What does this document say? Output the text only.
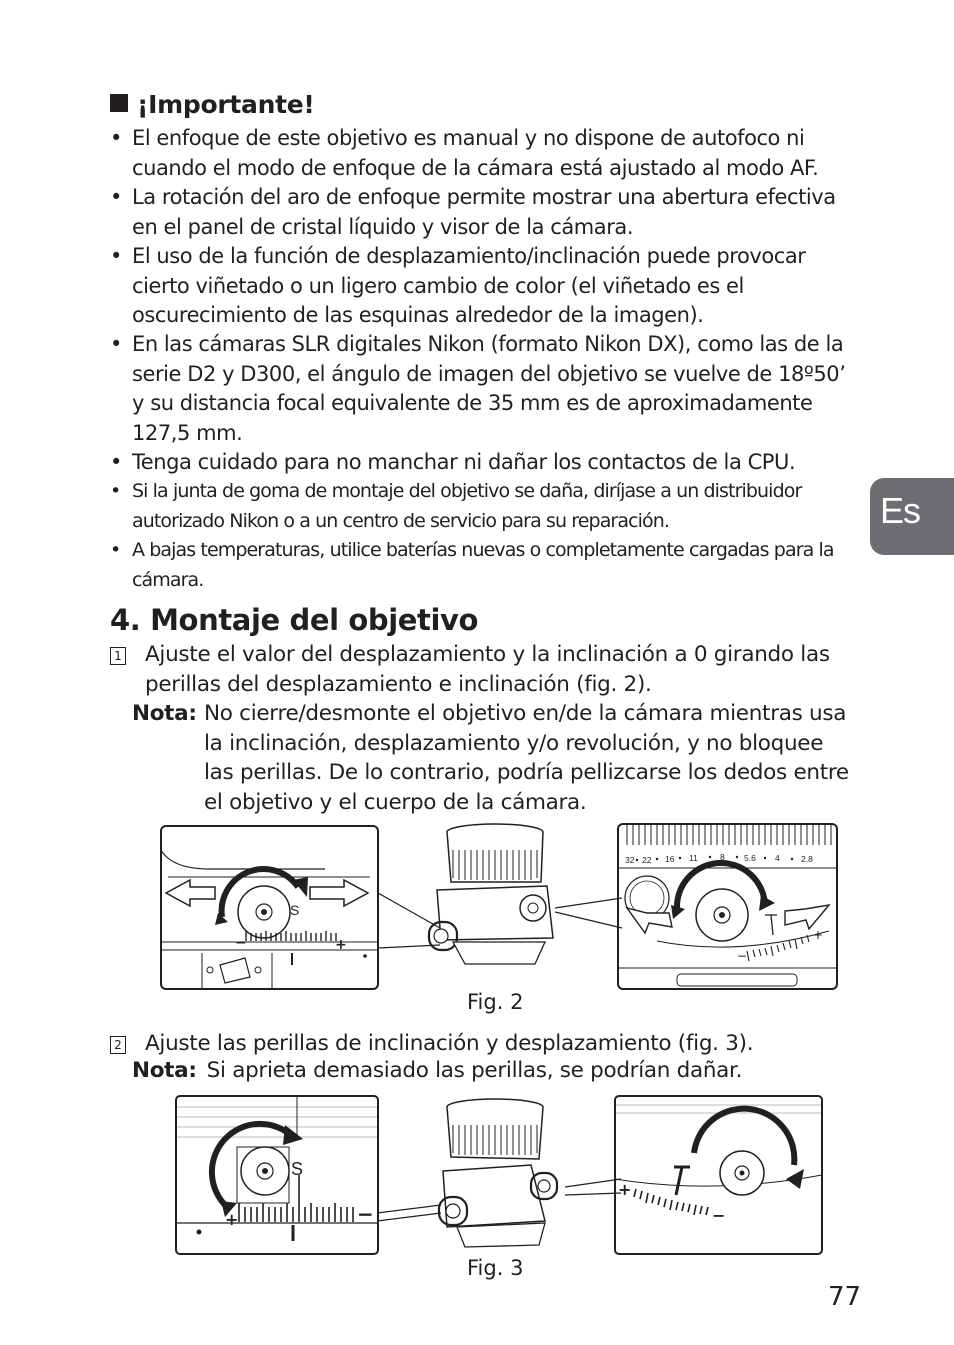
¡Importante!
• El enfoque de este objetivo es manual y no dispone de autofoco ni cuando el modo de enfoque de la cámara está ajustado al modo AF.
• La rotación del aro de enfoque permite mostrar una abertura efectiva en el panel de cristal líquido y visor de la cámara.
• El uso de la función de desplazamiento/inclinación puede provocar cierto viñetado o un ligero cambio de color (el viñetado es el oscurecimiento de las esquinas alrededor de la imagen).
• En las cámaras SLR digitales Nikon (formato Nikon DX), como las de la serie D2 y D300, el ángulo de imagen del objetivo se vuelve de 18º50’ y su distancia focal equivalente de 35 mm es de aproximadamente 127,5 mm.
• Tenga cuidado para no manchar ni dañar los contactos de la CPU.
• Si la junta de goma de montaje del objetivo se daña, diríjase a un distribuidor autorizado Nikon o a un centro de servicio para su reparación.
• A bajas temperaturas, utilice baterías nuevas o completamente cargadas para la cámara.
4. Montaje del objetivo
1 Ajuste el valor del desplazamiento y la inclinación a 0 girando las perillas del desplazamiento e inclinación (fig. 2).
Nota: No cierre/desmonte el objetivo en/de la cámara mientras usa la inclinación, desplazamiento y/o revolución, y no bloquee las perillas. De lo contrario, podría pellizcarse los dedos entre el objetivo y el cuerpo de la cámara.
S
−	+
32 22 16 11	8 5.6 4	2.8
−
+
Fig. 2
2 Ajuste las perillas de inclinación y desplazamiento (fig. 3).
Nota: Si aprieta demasiado las perillas, se podrían dañar.
S
+	−
+
−
Fig. 3
Es
77
